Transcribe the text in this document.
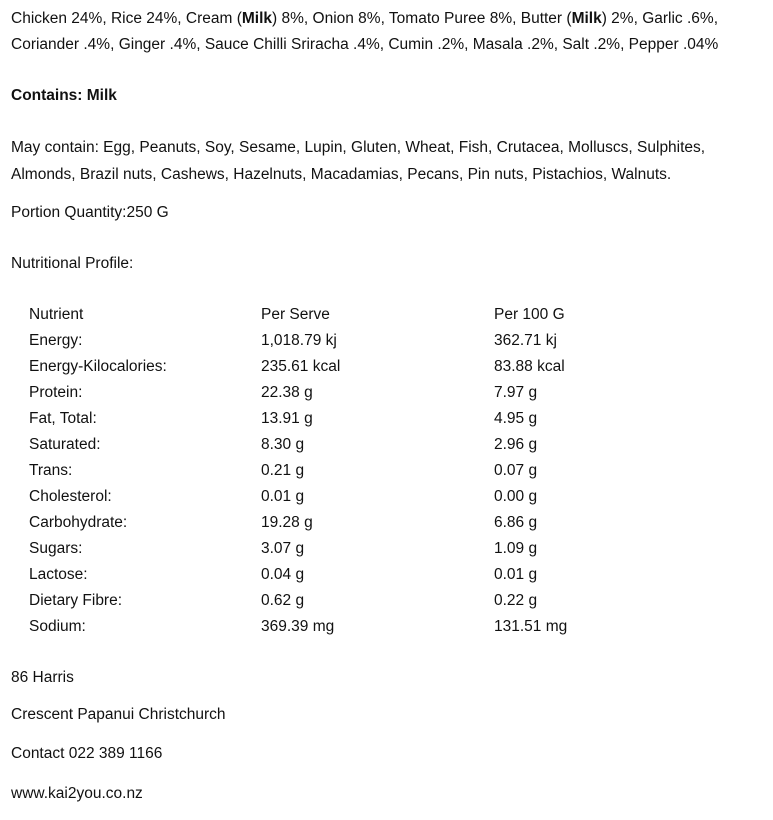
Chicken 24%, Rice 24%, Cream (Milk) 8%, Onion 8%, Tomato Puree 8%, Butter (Milk) 2%, Garlic .6%, Coriander .4%, Ginger .4%, Sauce Chilli Sriracha .4%, Cumin .2%, Masala .2%, Salt .2%, Pepper .04%

Contains: Milk
May contain: Egg, Peanuts, Soy, Sesame, Lupin, Gluten, Wheat, Fish, Crutacea, Molluscs, Sulphites, Almonds, Brazil nuts, Cashews, Hazelnuts, Macadamias, Pecans, Pin nuts, Pistachios, Walnuts.
Portion Quantity:250 G
Nutritional Profile:
Nutrient	Per Serve	Per 100 G
Energy:	1,018.79 kj	362.71 kj
Energy-Kilocalories:	235.61 kcal	83.88 kcal
Protein:	22.38 g	7.97 g
Fat, Total:	13.91 g	4.95 g
Saturated:	8.30 g	2.96 g
Trans:	0.21 g	0.07 g
Cholesterol:	0.01 g	0.00 g
Carbohydrate:	19.28 g	6.86 g
Sugars:	3.07 g	1.09 g
Lactose:	0.04 g	0.01 g
Dietary Fibre:	0.62 g	0.22 g
Sodium:	369.39 mg	131.51 mg
86 Harris
Crescent Papanui Christchurch
Contact 022 389 1166
www.kai2you.co.nz
